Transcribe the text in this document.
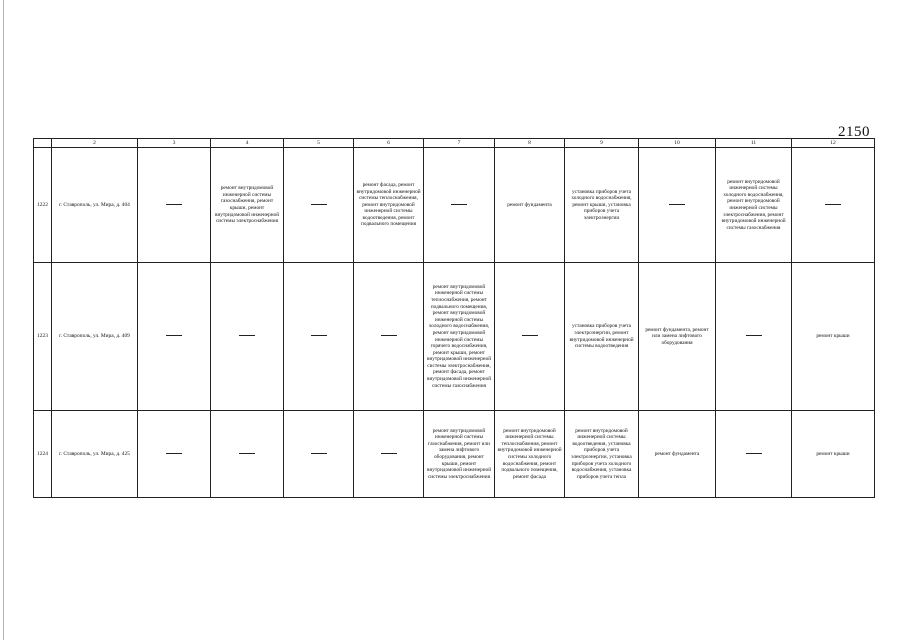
2150
	2	3	4	5	6	7	8	9	10	11	12
1222	г. Ставрополь, ул. Мира, д. 404		ремонт внутридомовой инженерной системы газоснабжения, ремонт крыши, ремонт внутридомовой инженерной системы электроснабжения		ремонт фасада, ремонт внутридомовой инженерной системы теплоснабжения, ремонт внутридомовой инженерной системы водоотведения, ремонт подвального помещения		ремонт фундамента	установка приборов учета холодного водоснабжения, ремонт крыши, установка приборов учета электроэнергии		ремонт внутридомовой инженерной системы холодного водоснабжения, ремонт внутридомовой инженерной системы электроснабжения, ремонт внутридомовой инженерной системы газоснабжения	
1223	г. Ставрополь, ул. Мира, д. 409					ремонт внутридомовой инженерной системы теплоснабжения, ремонт подвального помещения, ремонт внутридомовой инженерной системы холодного водоснабжения, ремонт внутридомовой инженерной системы горячего водоснабжения, ремонт крыши, ремонт внутридомовой инженерной системы электроснабжения, ремонт фасада, ремонт внутридомовой инженерной системы газоснабжения		установка приборов учета электроэнергии, ремонт внутридомовой инженерной системы водоотведения	ремонт фундамента, ремонт или замена лифтового оборудования		ремонт крыши
1224	г. Ставрополь, ул. Мира, д. 425					ремонт внутридомовой инженерной системы газоснабжения, ремонт или замена лифтового оборудования, ремонт крыши, ремонт внутридомовой инженерной системы электроснабжения	ремонт внутридомовой инженерной системы теплоснабжения, ремонт внутридомовой инженерной системы холодного водоснабжения, ремонт подвального помещения, ремонт фасада	ремонт внутридомовой инженерной системы водоотведения, установка приборов учета электроэнергии, установка приборов учета холодного водоснабжения, установка приборов учета тепла	ремонт фундамента		ремонт крыши
